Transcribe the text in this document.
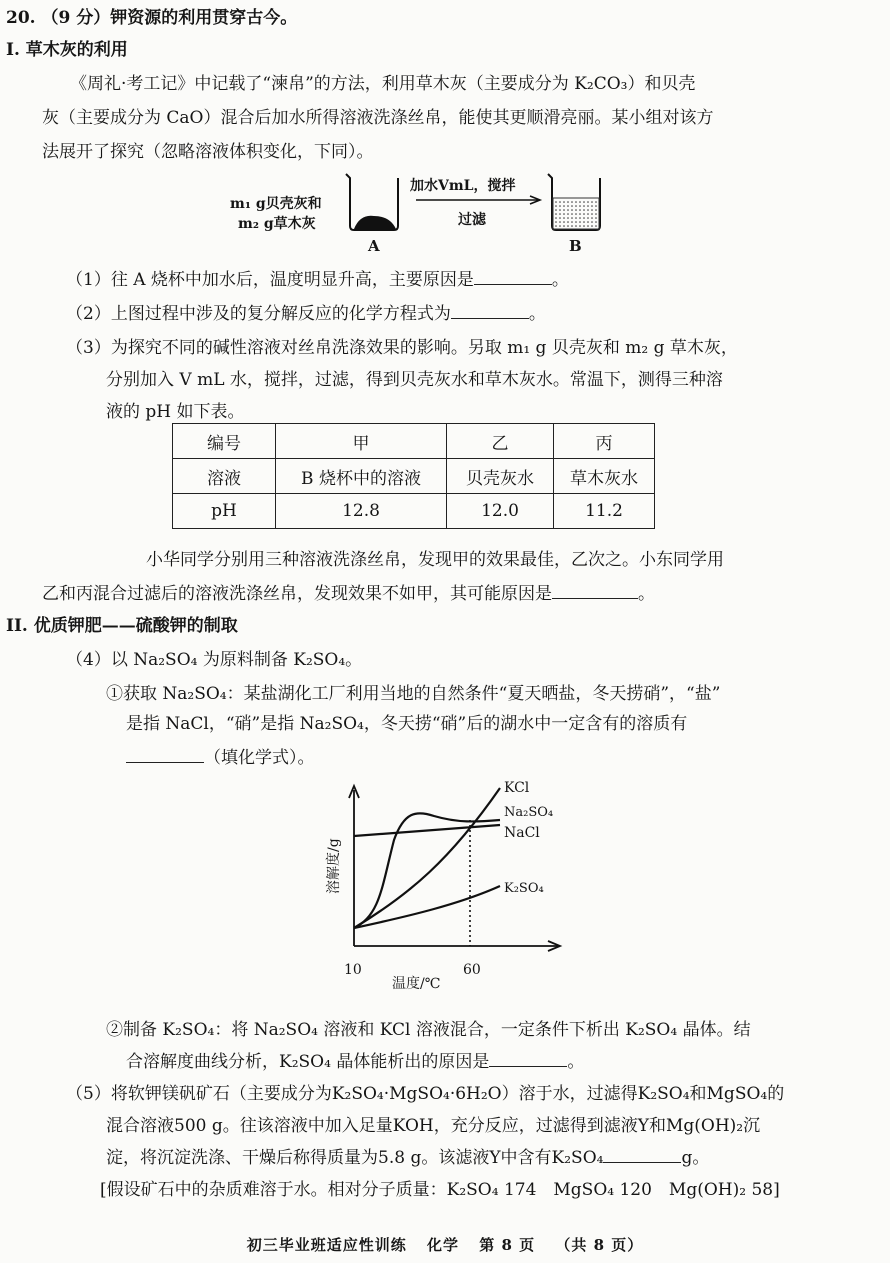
20. （9 分）钾资源的利用贯穿古今。
I. 草木灰的利用
《周礼·考工记》中记载了“湅帛”的方法，利用草木灰（主要成分为 K₂CO₃）和贝壳
灰（主要成分为 CaO）混合后加水所得溶液洗涤丝帛，能使其更顺滑亮丽。某小组对该方
法展开了探究（忽略溶液体积变化，下同）。
m₁ g贝壳灰和
m₂ g草木灰
A
加水VmL，搅拌
过滤
B
（1）往 A 烧杯中加水后，温度明显升高，主要原因是	。
（2）上图过程中涉及的复分解反应的化学方程式为	。
（3）为探究不同的碱性溶液对丝帛洗涤效果的影响。另取 m₁ g 贝壳灰和 m₂ g 草木灰，
分别加入 V mL 水，搅拌，过滤，得到贝壳灰水和草木灰水。常温下，测得三种溶
液的 pH 如下表。
编号	甲	乙	丙
溶液	B 烧杯中的溶液	贝壳灰水	草木灰水
pH	12.8	12.0	11.2
小华同学分别用三种溶液洗涤丝帛，发现甲的效果最佳，乙次之。小东同学用
乙和丙混合过滤后的溶液洗涤丝帛，发现效果不如甲，其可能原因是	。
II. 优质钾肥——硫酸钾的制取
（4）以 Na₂SO₄ 为原料制备 K₂SO₄。
①获取 Na₂SO₄：某盐湖化工厂利用当地的自然条件“夏天晒盐，冬天捞硝”，“盐”
是指 NaCl，“硝”是指 Na₂SO₄，冬天捞“硝”后的湖水中一定含有的溶质有
（填化学式）。
KCl
Na₂SO₄
NaCl
K₂SO₄
溶解度/g
10	60
温度/℃
②制备 K₂SO₄：将 Na₂SO₄ 溶液和 KCl 溶液混合，一定条件下析出 K₂SO₄ 晶体。结
合溶解度曲线分析，K₂SO₄ 晶体能析出的原因是	。
（5）将软钾镁矾矿石（主要成分为K₂SO₄·MgSO₄·6H₂O）溶于水，过滤得K₂SO₄和MgSO₄的
混合溶液500 g。往该溶液中加入足量KOH，充分反应，过滤得到滤液Y和Mg(OH)₂沉
淀，将沉淀洗涤、干燥后称得质量为5.8 g。该滤液Y中含有K₂SO₄	g。
[假设矿石中的杂质难溶于水。相对分子质量：K₂SO₄ 174　MgSO₄ 120　Mg(OH)₂ 58]
初三毕业班适应性训练 化学 第 8 页 （共 8 页）
